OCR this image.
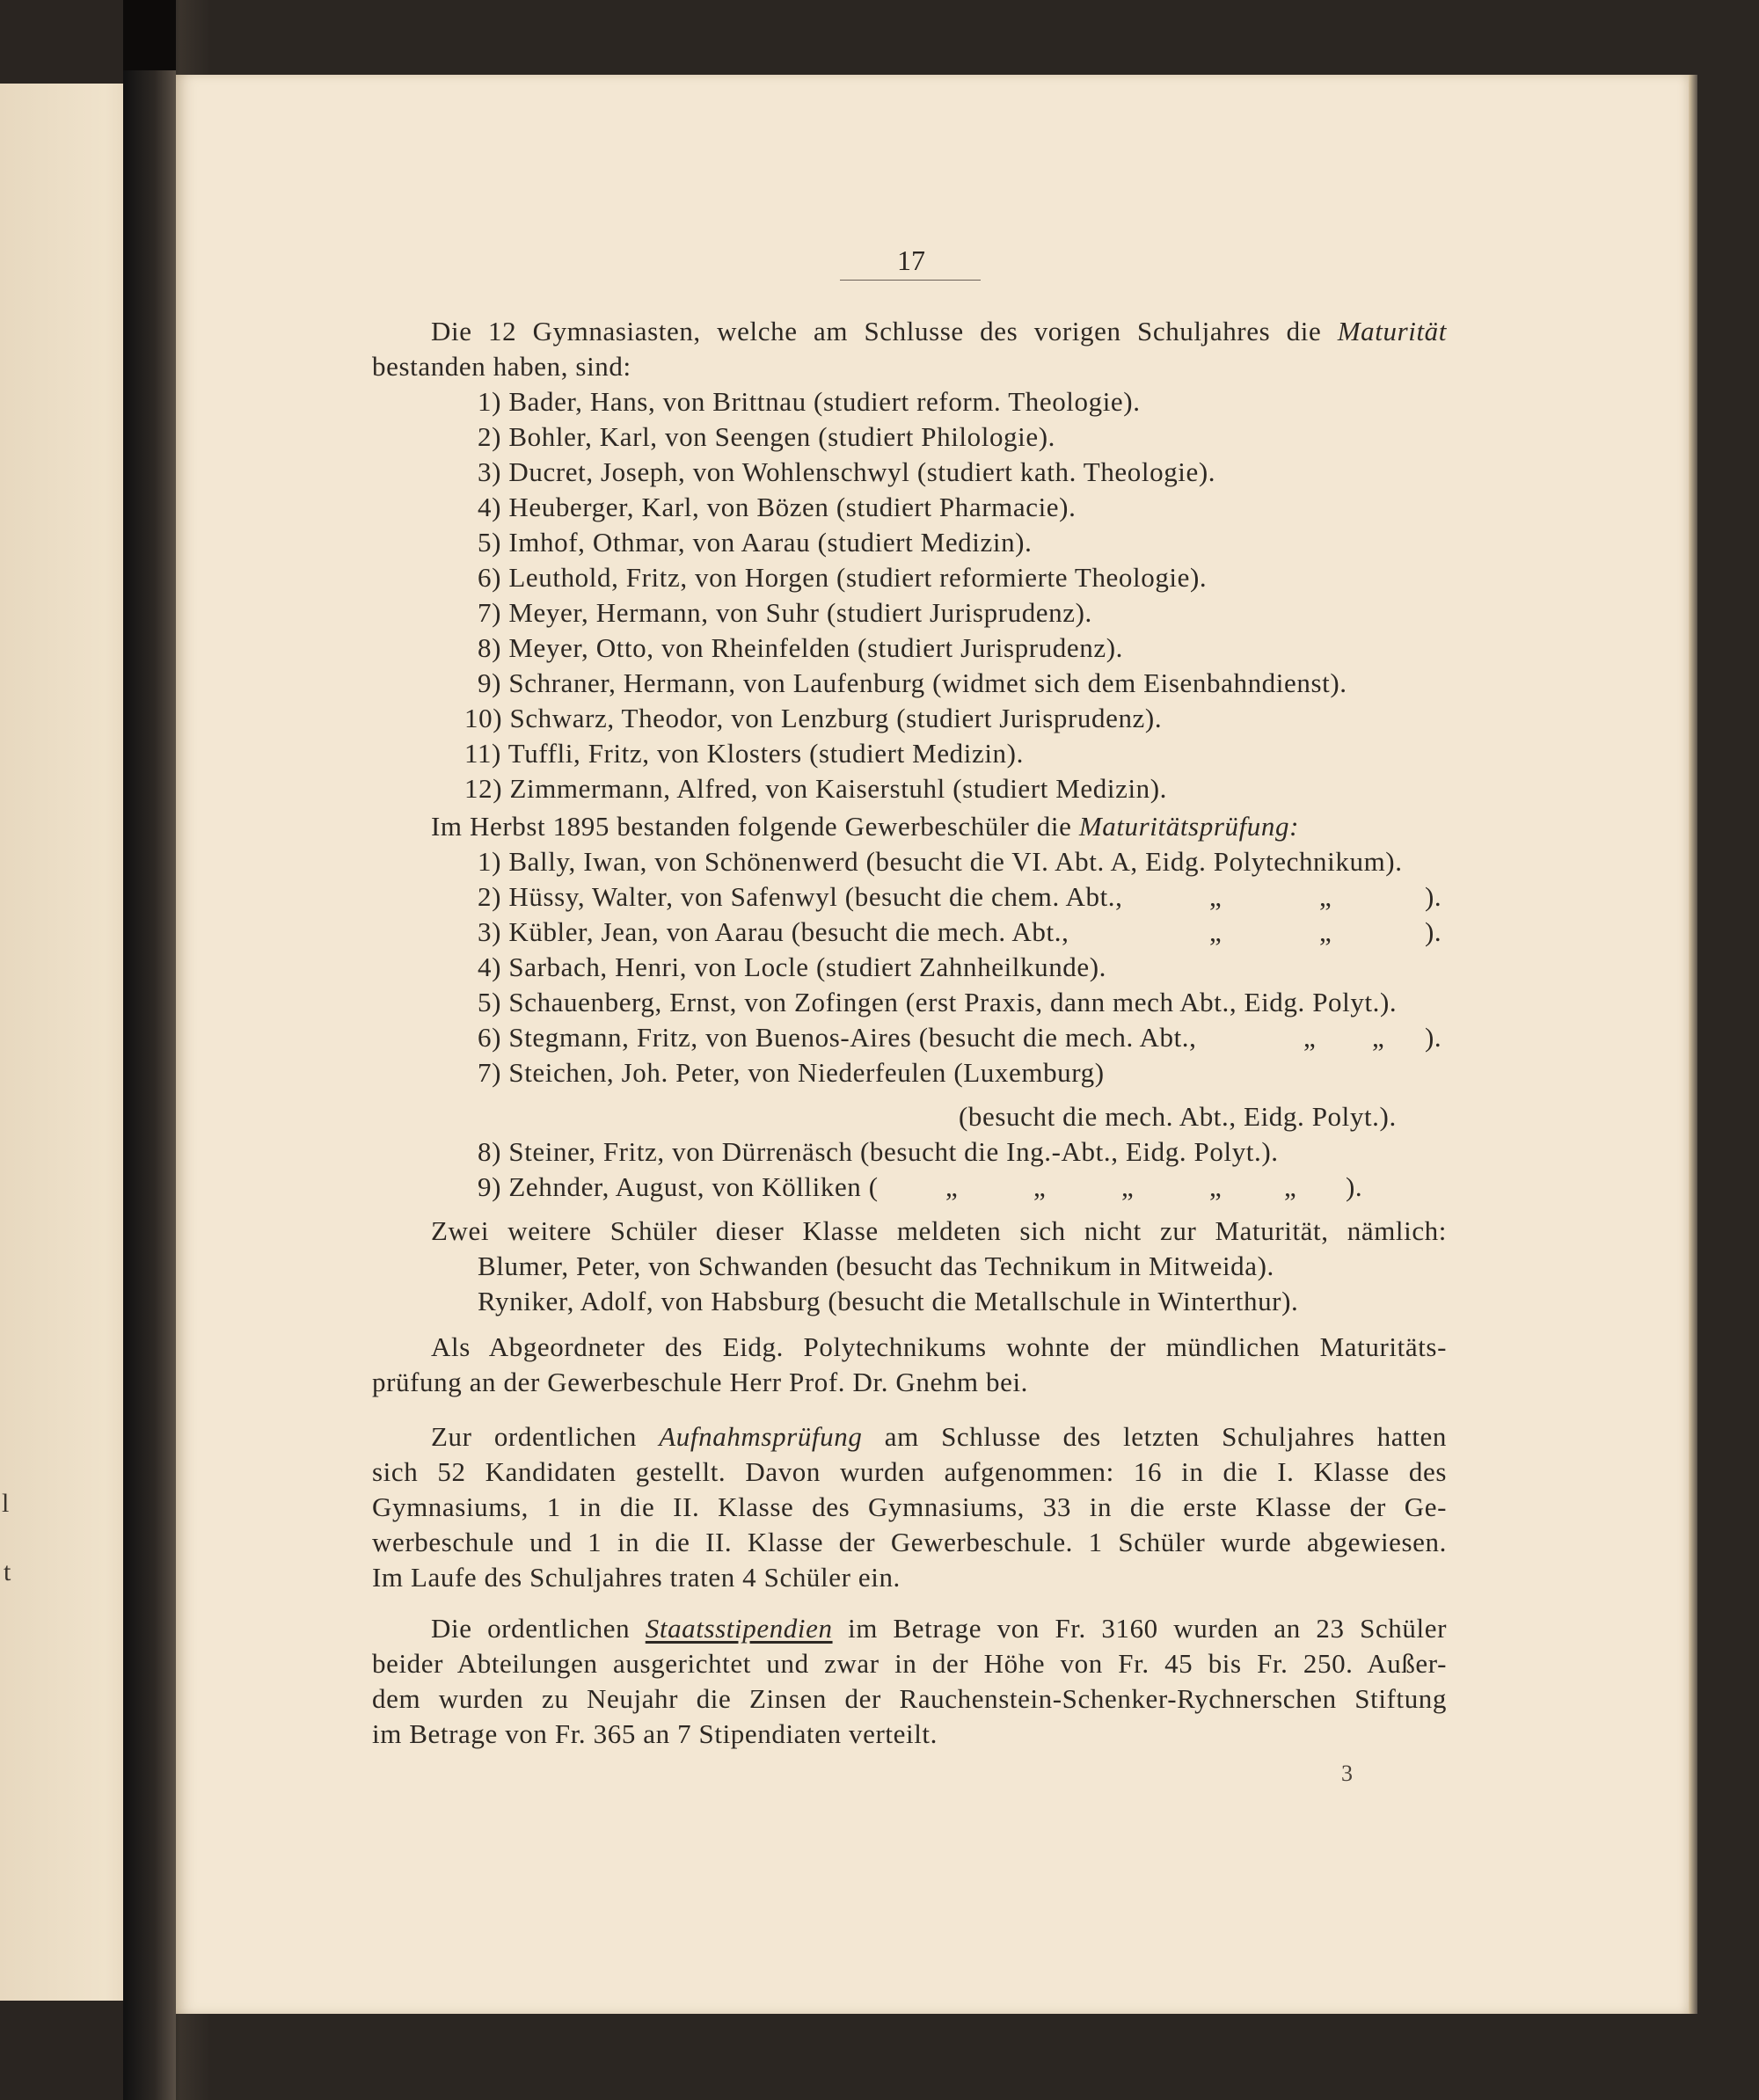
l
t
17
Die 12 Gymnasiasten, welche am Schlusse des vorigen Schuljahres die Maturität
bestanden haben, sind:
1) Bader, Hans, von Brittnau (studiert reform. Theologie).
2) Bohler, Karl, von Seengen (studiert Philologie).
3) Ducret, Joseph, von Wohlenschwyl (studiert kath. Theologie).
4) Heuberger, Karl, von Bözen (studiert Pharmacie).
5) Imhof, Othmar, von Aarau (studiert Medizin).
6) Leuthold, Fritz, von Horgen (studiert reformierte Theologie).
7) Meyer, Hermann, von Suhr (studiert Jurisprudenz).
8) Meyer, Otto, von Rheinfelden (studiert Jurisprudenz).
9) Schraner, Hermann, von Laufenburg (widmet sich dem Eisenbahndienst).
10) Schwarz, Theodor, von Lenzburg (studiert Jurisprudenz).
11) Tuffli, Fritz, von Klosters (studiert Medizin).
12) Zimmermann, Alfred, von Kaiserstuhl (studiert Medizin).
Im Herbst 1895 bestanden folgende Gewerbeschüler die Maturitätsprüfung:
1) Bally, Iwan, von Schönenwerd (besucht die VI. Abt. A, Eidg. Polytechnikum).
2) Hüssy, Walter, von Safenwyl (besucht die chem. Abt.,	„	„	).
3) Kübler, Jean, von Aarau (besucht die mech. Abt.,	„	„	).
4) Sarbach, Henri, von Locle (studiert Zahnheilkunde).
5) Schauenberg, Ernst, von Zofingen (erst Praxis, dann mech Abt., Eidg. Polyt.).
6) Stegmann, Fritz, von Buenos-Aires (besucht die mech. Abt.,	„ „ ).
7) Steichen, Joh. Peter, von Niederfeulen (Luxemburg)
(besucht die mech. Abt., Eidg. Polyt.).
8) Steiner, Fritz, von Dürrenäsch (besucht die Ing.-Abt., Eidg. Polyt.).
9) Zehnder, August, von Kölliken ( „	„	„	„ „ ).
Zwei weitere Schüler dieser Klasse meldeten sich nicht zur Maturität, nämlich:
Blumer, Peter, von Schwanden (besucht das Technikum in Mitweida).
Ryniker, Adolf, von Habsburg (besucht die Metallschule in Winterthur).
Als Abgeordneter des Eidg. Polytechnikums wohnte der mündlichen Maturitäts-
prüfung an der Gewerbeschule Herr Prof. Dr. Gnehm bei.
Zur ordentlichen Aufnahmsprüfung am Schlusse des letzten Schuljahres hatten
sich 52 Kandidaten gestellt. Davon wurden aufgenommen: 16 in die I. Klasse des
Gymnasiums, 1 in die II. Klasse des Gymnasiums, 33 in die erste Klasse der Ge-
werbeschule und 1 in die II. Klasse der Gewerbeschule. 1 Schüler wurde abgewiesen.
Im Laufe des Schuljahres traten 4 Schüler ein.
Die ordentlichen Staatsstipendien im Betrage von Fr. 3160 wurden an 23 Schüler
beider Abteilungen ausgerichtet und zwar in der Höhe von Fr. 45 bis Fr. 250. Außer-
dem wurden zu Neujahr die Zinsen der Rauchenstein-Schenker-Rychnerschen Stiftung
im Betrage von Fr. 365 an 7 Stipendiaten verteilt.
3
